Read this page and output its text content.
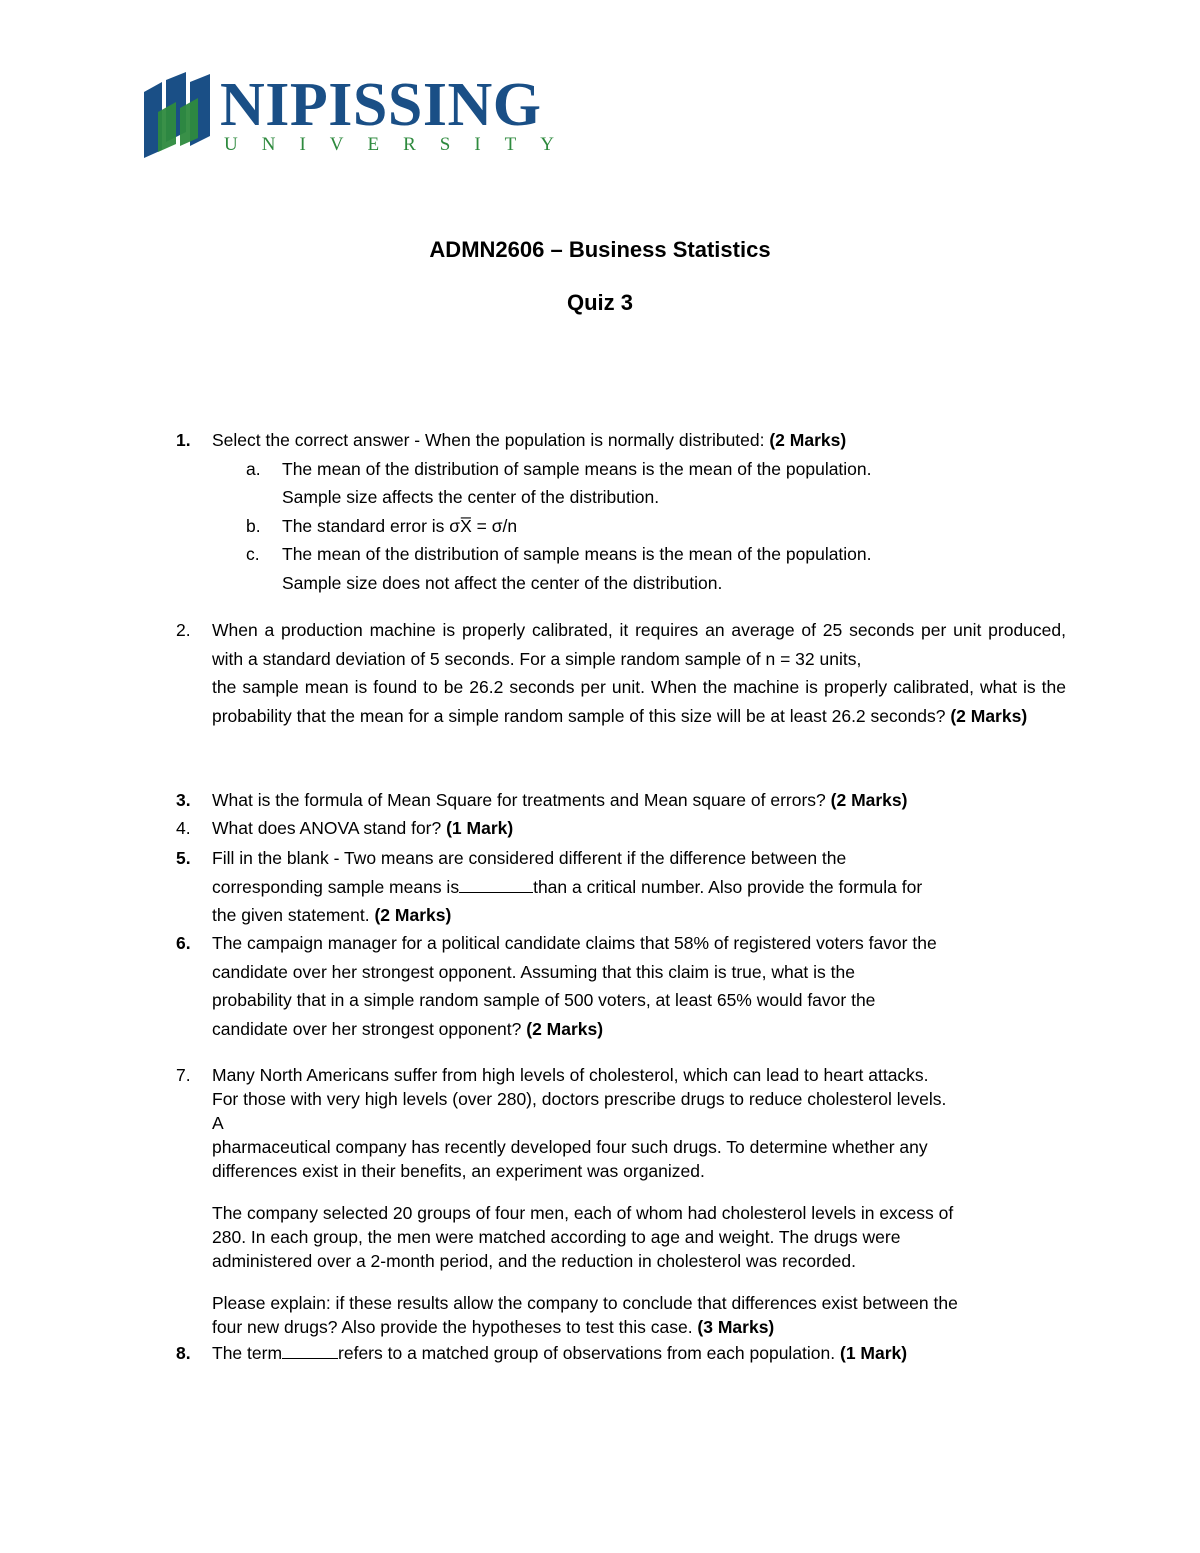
NIPISSING
UNIVERSITY
ADMN2606 – Business Statistics
Quiz 3
1. Select the correct answer - When the population is normally distributed: (2 Marks)
a. The mean of the distribution of sample means is the mean of the population.
Sample size affects the center of the distribution.
b. The standard error is σX̅ = σ/n
c. The mean of the distribution of sample means is the mean of the population.
Sample size does not affect the center of the distribution.
2. When a production machine is properly calibrated, it requires an average of 25 seconds per unit produced, with a standard deviation of 5 seconds. For a simple random sample of n = 32 units,
the sample mean is found to be 26.2 seconds per unit. When the machine is properly calibrated, what is the probability that the mean for a simple random sample of this size will be at least 26.2 seconds? (2 Marks)
3. What is the formula of Mean Square for treatments and Mean square of errors? (2 Marks)
4. What does ANOVA stand for? (1 Mark)
5. Fill in the blank - Two means are considered different if the difference between the
corresponding sample means is	than a critical number. Also provide the formula for
the given statement. (2 Marks)
6. The campaign manager for a political candidate claims that 58% of registered voters favor the
candidate over her strongest opponent. Assuming that this claim is true, what is the
probability that in a simple random sample of 500 voters, at least 65% would favor the
candidate over her strongest opponent? (2 Marks)
7. Many North Americans suffer from high levels of cholesterol, which can lead to heart attacks.
For those with very high levels (over 280), doctors prescribe drugs to reduce cholesterol levels.
A
pharmaceutical company has recently developed four such drugs. To determine whether any
differences exist in their benefits, an experiment was organized.
The company selected 20 groups of four men, each of whom had cholesterol levels in excess of
280. In each group, the men were matched according to age and weight. The drugs were
administered over a 2-month period, and the reduction in cholesterol was recorded.
Please explain: if these results allow the company to conclude that differences exist between the
four new drugs? Also provide the hypotheses to test this case. (3 Marks)
8. The term	refers to a matched group of observations from each population. (1 Mark)
